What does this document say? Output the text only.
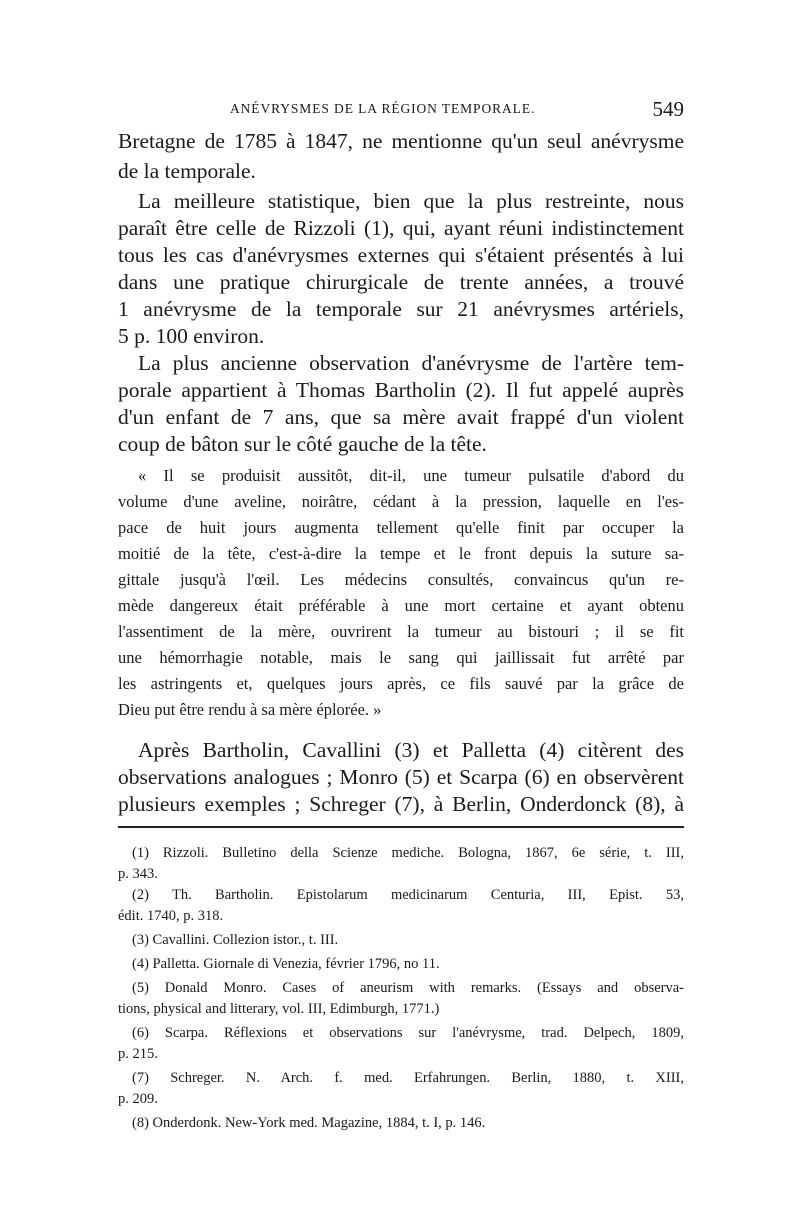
ANÉVRYSMES DE LA RÉGION TEMPORALE.	549
Bretagne de 1785 à 1847, ne mentionne qu'un seul anévrysme
de la temporale.
La meilleure statistique, bien que la plus restreinte, nous
paraît être celle de Rizzoli (1), qui, ayant réuni indistinctement
tous les cas d'anévrysmes externes qui s'étaient présentés à lui
dans une pratique chirurgicale de trente années, a trouvé
1 anévrysme de la temporale sur 21 anévrysmes artériels,
5 p. 100 environ.
La plus ancienne observation d'anévrysme de l'artère tem-
porale appartient à Thomas Bartholin (2). Il fut appelé auprès
d'un enfant de 7 ans, que sa mère avait frappé d'un violent
coup de bâton sur le côté gauche de la tête.
« Il se produisit aussitôt, dit-il, une tumeur pulsatile d'abord du
volume d'une aveline, noirâtre, cédant à la pression, laquelle en l'es-
pace de huit jours augmenta tellement qu'elle finit par occuper la
moitié de la tête, c'est-à-dire la tempe et le front depuis la suture sa-
gittale jusqu'à l'œil. Les médecins consultés, convaincus qu'un re-
mède dangereux était préférable à une mort certaine et ayant obtenu
l'assentiment de la mère, ouvrirent la tumeur au bistouri ; il se fit
une hémorrhagie notable, mais le sang qui jaillissait fut arrêté par
les astringents et, quelques jours après, ce fils sauvé par la grâce de
Dieu put être rendu à sa mère éplorée. »
Après Bartholin, Cavallini (3) et Palletta (4) citèrent des
observations analogues ; Monro (5) et Scarpa (6) en observèrent
plusieurs exemples ; Schreger (7), à Berlin, Onderdonck (8), à
(1) Rizzoli. Bulletino della Scienze mediche. Bologna, 1867, 6e série, t. III,
p. 343.
(2) Th. Bartholin. Epistolarum medicinarum Centuria, III, Epist. 53,
édit. 1740, p. 318.
(3) Cavallini. Collezion istor., t. III.
(4) Palletta. Giornale di Venezia, février 1796, no 11.
(5) Donald Monro. Cases of aneurism with remarks. (Essays and observa-
tions, physical and litterary, vol. III, Edimburgh, 1771.)
(6) Scarpa. Réflexions et observations sur l'anévrysme, trad. Delpech, 1809,
p. 215.
(7) Schreger. N. Arch. f. med. Erfahrungen. Berlin, 1880, t. XIII,
p. 209.
(8) Onderdonk. New-York med. Magazine, 1884, t. I, p. 146.
